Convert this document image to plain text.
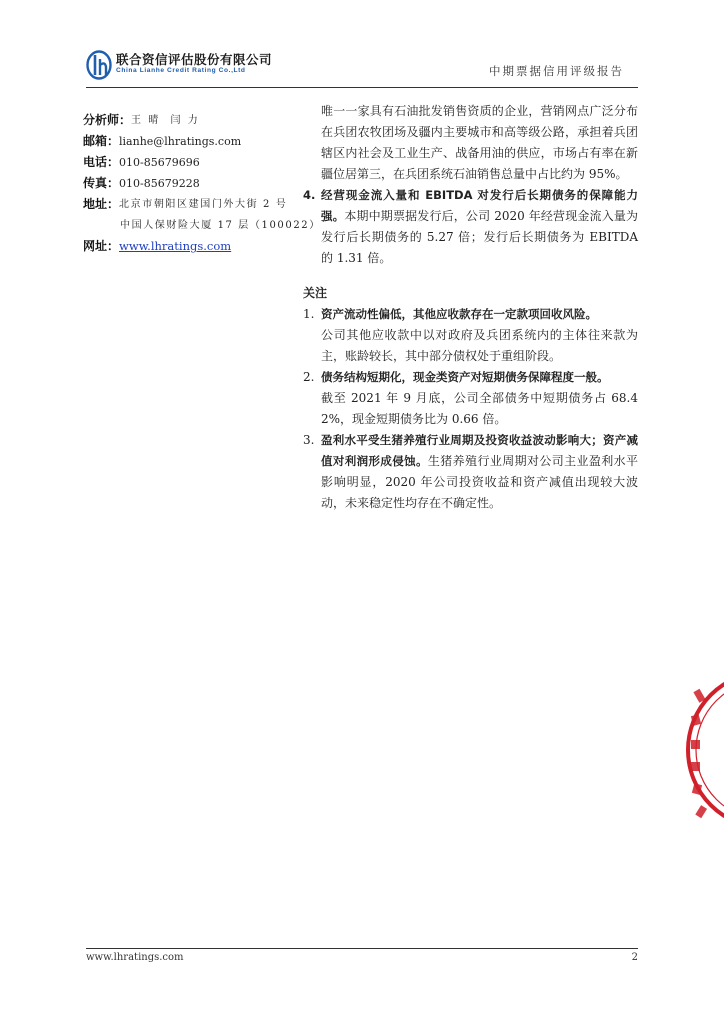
联合资信评估股份有限公司
China Lianhe Credit Rating Co.,Ltd	中期票据信用评级报告
分析师： 王 晴  闫 力
邮箱： lianhe@lhratings.com
电话： 010-85679696
传真： 010-85679228
地址： 北京市朝阳区建国门外大街 2 号
中国人保财险大厦 17 层（100022）
网址： www.lhratings.com
唯一一家具有石油批发销售资质的企业，营销网点广泛分布在兵团农牧团场及疆内主要城市和高等级公路，承担着兵团辖区内社会及工业生产、战备用油的供应，市场占有率在新疆位居第三，在兵团系统石油销售总量中占比约为 95%。
4. 经营现金流入量和 EBITDA 对发行后长期债务的保障能力强。本期中期票据发行后，公司 2020 年经营现金流入量为发行后长期债务的 5.27 倍；发行后长期债务为 EBITDA 的 1.31 倍。
关注
1. 资产流动性偏低，其他应收款存在一定款项回收风险。
公司其他应收款中以对政府及兵团系统内的主体往来款为主，账龄较长，其中部分债权处于重组阶段。
2. 债务结构短期化，现金类资产对短期债务保障程度一般。
截至 2021 年 9 月底，公司全部债务中短期债务占 68.42%，现金短期债务比为 0.66 倍。
3. 盈利水平受生猪养殖行业周期及投资收益波动影响大；资产减值对利润形成侵蚀。生猪养殖行业周期对公司主业盈利水平影响明显，2020 年公司投资收益和资产减值出现较大波动，未来稳定性均存在不确定性。
www.lhratings.com	2
